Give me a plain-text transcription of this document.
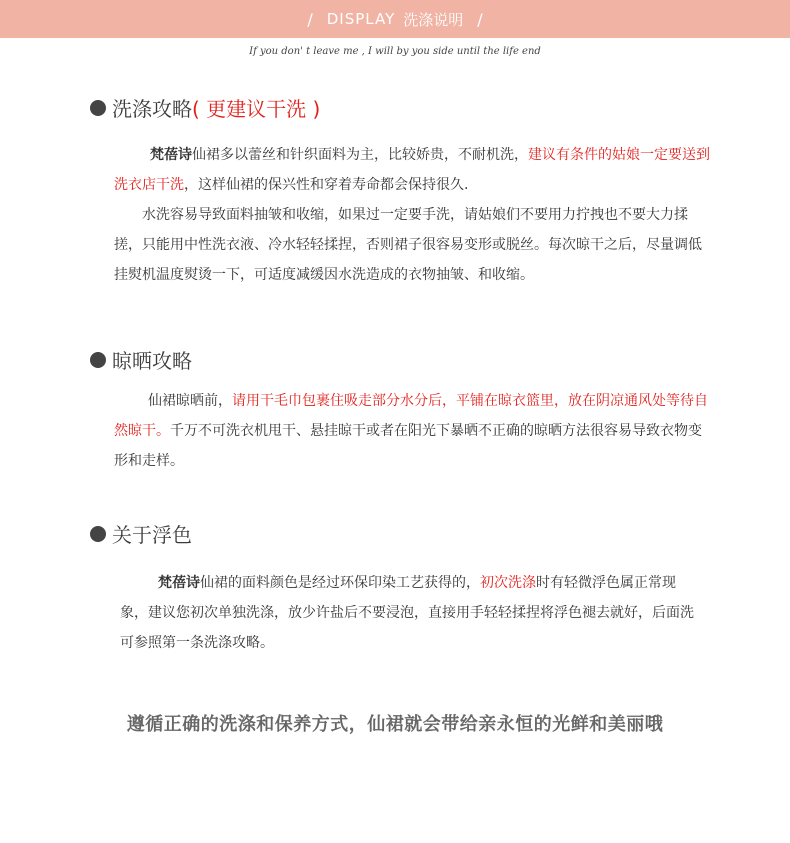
/ DISPLAY 洗涤说明 /
If you don' t leave me , I will by you side until the life end
洗涤攻略 ( 更建议干洗 )

梵蓓诗仙裙多以蕾丝和针织面料为主，比较娇贵，不耐机洗，建议有条件的姑娘一定要送到洗衣店干洗，这样仙裙的保兴性和穿着寿命都会保持很久.

水洗容易导致面料抽皱和收缩，如果过一定要手洗，请姑娘们不要用力拧拽也不要大力揉搓，只能用中性洗衣液、冷水轻轻揉捏，否则裙子很容易变形或脱丝。每次晾干之后，尽量调低挂熨机温度熨烫一下，可适度减缓因水洗造成的衣物抽皱、和收缩。

晾晒攻略

仙裙晾晒前，请用干毛巾包裹住吸走部分水分后，平铺在晾衣篮里，放在阴凉通风处等待自然晾干。千万不可洗衣机甩干、悬挂晾干或者在阳光下暴晒不正确的晾晒方法很容易导致衣物变形和走样。

关于浮色

梵蓓诗仙裙的面料颜色是经过环保印染工艺获得的，初次洗涤时有轻微浮色属正常现象，建议您初次单独洗涤，放少许盐后不要浸泡，直接用手轻轻揉捏将浮色褪去就好，后面洗可参照第一条洗涤攻略。

遵循正确的洗涤和保养方式，仙裙就会带给亲永恒的光鲜和美丽哦
